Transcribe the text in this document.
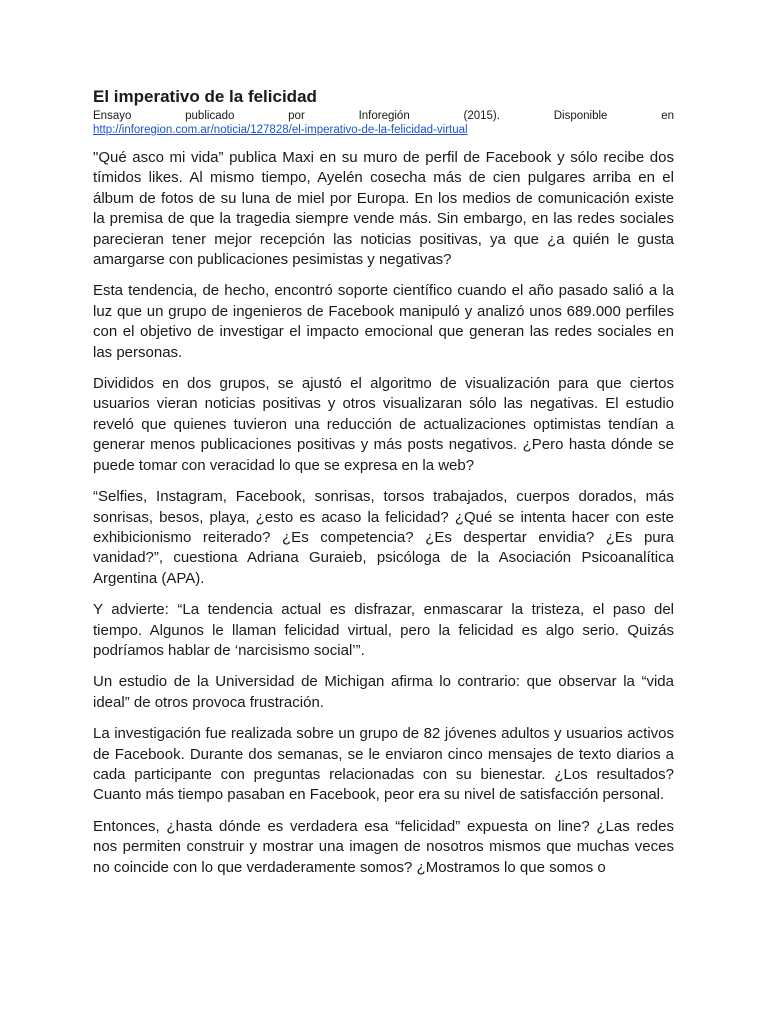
El imperativo de la felicidad
Ensayo	publicado	por	Inforegión	(2015).	Disponible	en
http://inforegion.com.ar/noticia/127828/el-imperativo-de-la-felicidad-virtual

"Qué asco mi vida” publica Maxi en su muro de perfil de Facebook y sólo recibe dos tímidos likes. Al mismo tiempo, Ayelén cosecha más de cien pulgares arriba en el álbum de fotos de su luna de miel por Europa. En los medios de comunicación existe la premisa de que la tragedia siempre vende más. Sin embargo, en las redes sociales parecieran tener mejor recepción las noticias positivas, ya que ¿a quién le gusta amargarse con publicaciones pesimistas y negativas?

Esta tendencia, de hecho, encontró soporte científico cuando el año pasado salió a la luz que un grupo de ingenieros de Facebook manipuló y analizó unos 689.000 perfiles con el objetivo de investigar el impacto emocional que generan las redes sociales en las personas.

Divididos en dos grupos, se ajustó el algoritmo de visualización para que ciertos usuarios vieran noticias positivas y otros visualizaran sólo las negativas. El estudio reveló que quienes tuvieron una reducción de actualizaciones optimistas tendían a generar menos publicaciones positivas y más posts negativos. ¿Pero hasta dónde se puede tomar con veracidad lo que se expresa en la web?

“Selfies, Instagram, Facebook, sonrisas, torsos trabajados, cuerpos dorados, más sonrisas, besos, playa, ¿esto es acaso la felicidad? ¿Qué se intenta hacer con este exhibicionismo reiterado? ¿Es competencia? ¿Es despertar envidia? ¿Es pura vanidad?”, cuestiona Adriana Guraieb, psicóloga de la Asociación Psicoanalítica Argentina (APA).

Y advierte: “La tendencia actual es disfrazar, enmascarar la tristeza, el paso del tiempo. Algunos le llaman felicidad virtual, pero la felicidad es algo serio. Quizás podríamos hablar de ‘narcisismo social’”.

Un estudio de la Universidad de Michigan afirma lo contrario: que observar la “vida ideal” de otros provoca frustración.

La investigación fue realizada sobre un grupo de 82 jóvenes adultos y usuarios activos de Facebook. Durante dos semanas, se le enviaron cinco mensajes de texto diarios a cada participante con preguntas relacionadas con su bienestar. ¿Los resultados? Cuanto más tiempo pasaban en Facebook, peor era su nivel de satisfacción personal.

Entonces, ¿hasta dónde es verdadera esa “felicidad” expuesta on line? ¿Las redes nos permiten construir y mostrar una imagen de nosotros mismos que muchas veces no coincide con lo que verdaderamente somos? ¿Mostramos lo que somos o
